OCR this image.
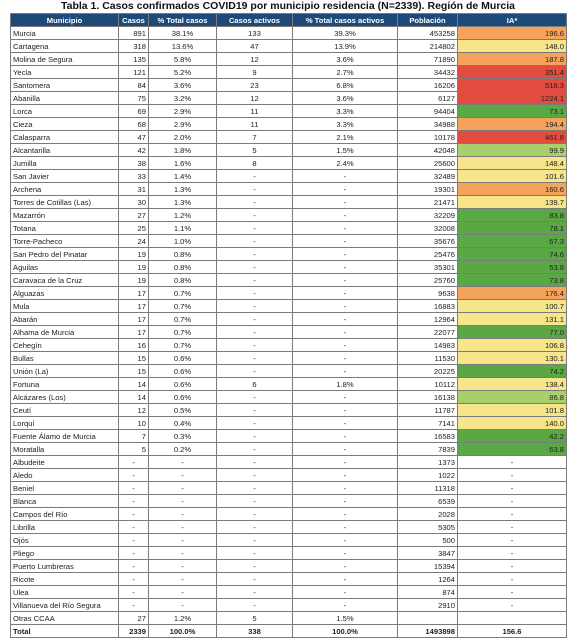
Tabla 1. Casos confirmados COVID19 por municipio residencia (N=2339). Región de Murcia
Municipio	Casos	% Total casos	Casos activos	% Total casos activos	Población	IA*
Murcia	891	38.1%	133	39.3%	453258	196.6
Cartagena	318	13.6%	47	13.9%	214802	148.0
Molina de Segura	135	5.8%	12	3.6%	71890	187.8
Yecla	121	5.2%	9	2.7%	34432	351.4
Santomera	84	3.6%	23	6.8%	16206	518.3
Abanilla	75	3.2%	12	3.6%	6127	1224.1
Lorca	69	2.9%	11	3.3%	94404	73.1
Cieza	68	2.9%	11	3.3%	34988	194.4
Calasparra	47	2.0%	7	2.1%	10178	461.8
Alcantarilla	42	1.8%	5	1.5%	42048	99.9
Jumilla	38	1.6%	8	2.4%	25600	148.4
San Javier	33	1.4%	-	-	32489	101.6
Archena	31	1.3%	-	-	19301	160.6
Torres de Cotillas (Las)	30	1.3%	-	-	21471	139.7
Mazarrón	27	1.2%	-	-	32209	83.8
Totana	25	1.1%	-	-	32008	78.1
Torre-Pacheco	24	1.0%	-	-	35676	67.3
San Pedro del Pinatar	19	0.8%	-	-	25476	74.6
Aguilas	19	0.8%	-	-	35301	53.8
Caravaca de la Cruz	19	0.8%	-	-	25760	73.8
Alguazas	17	0.7%	-	-	9638	176.4
Mula	17	0.7%	-	-	16883	100.7
Abarán	17	0.7%	-	-	12964	131.1
Alhama de Murcia	17	0.7%	-	-	22077	77.0
Cehegín	16	0.7%	-	-	14983	106.8
Bullas	15	0.6%	-	-	11530	130.1
Unión (La)	15	0.6%	-	-	20225	74.2
Fortuna	14	0.6%	6	1.8%	10112	138.4
Alcázares (Los)	14	0.6%	-	-	16138	86.8
Ceutí	12	0.5%	-	-	11787	101.8
Lorquí	10	0.4%	-	-	7141	140.0
Fuente Álamo de Murcia	7	0.3%	-	-	16583	42.2
Moratalla	5	0.2%	-	-	7839	63.8
Albudeite	-	-	-	-	1373	-
Aledo	-	-	-	-	1022	-
Beniel	-	-	-	-	11318	-
Blanca	-	-	-	-	6539	-
Campos del Río	-	-	-	-	2028	-
Librilla	-	-	-	-	5305	-
Ojós	-	-	-	-	500	-
Pliego	-	-	-	-	3847	-
Puerto Lumbreras	-	-	-	-	15394	-
Ricote	-	-	-	-	1264	-
Ulea	-	-	-	-	874	-
Villanueva del Río Segura	-	-	-	-	2910	-
Otras CCAA	27	1.2%	5	1.5%		
Total	2339	100.0%	338	100.0%	1493898	156.6
